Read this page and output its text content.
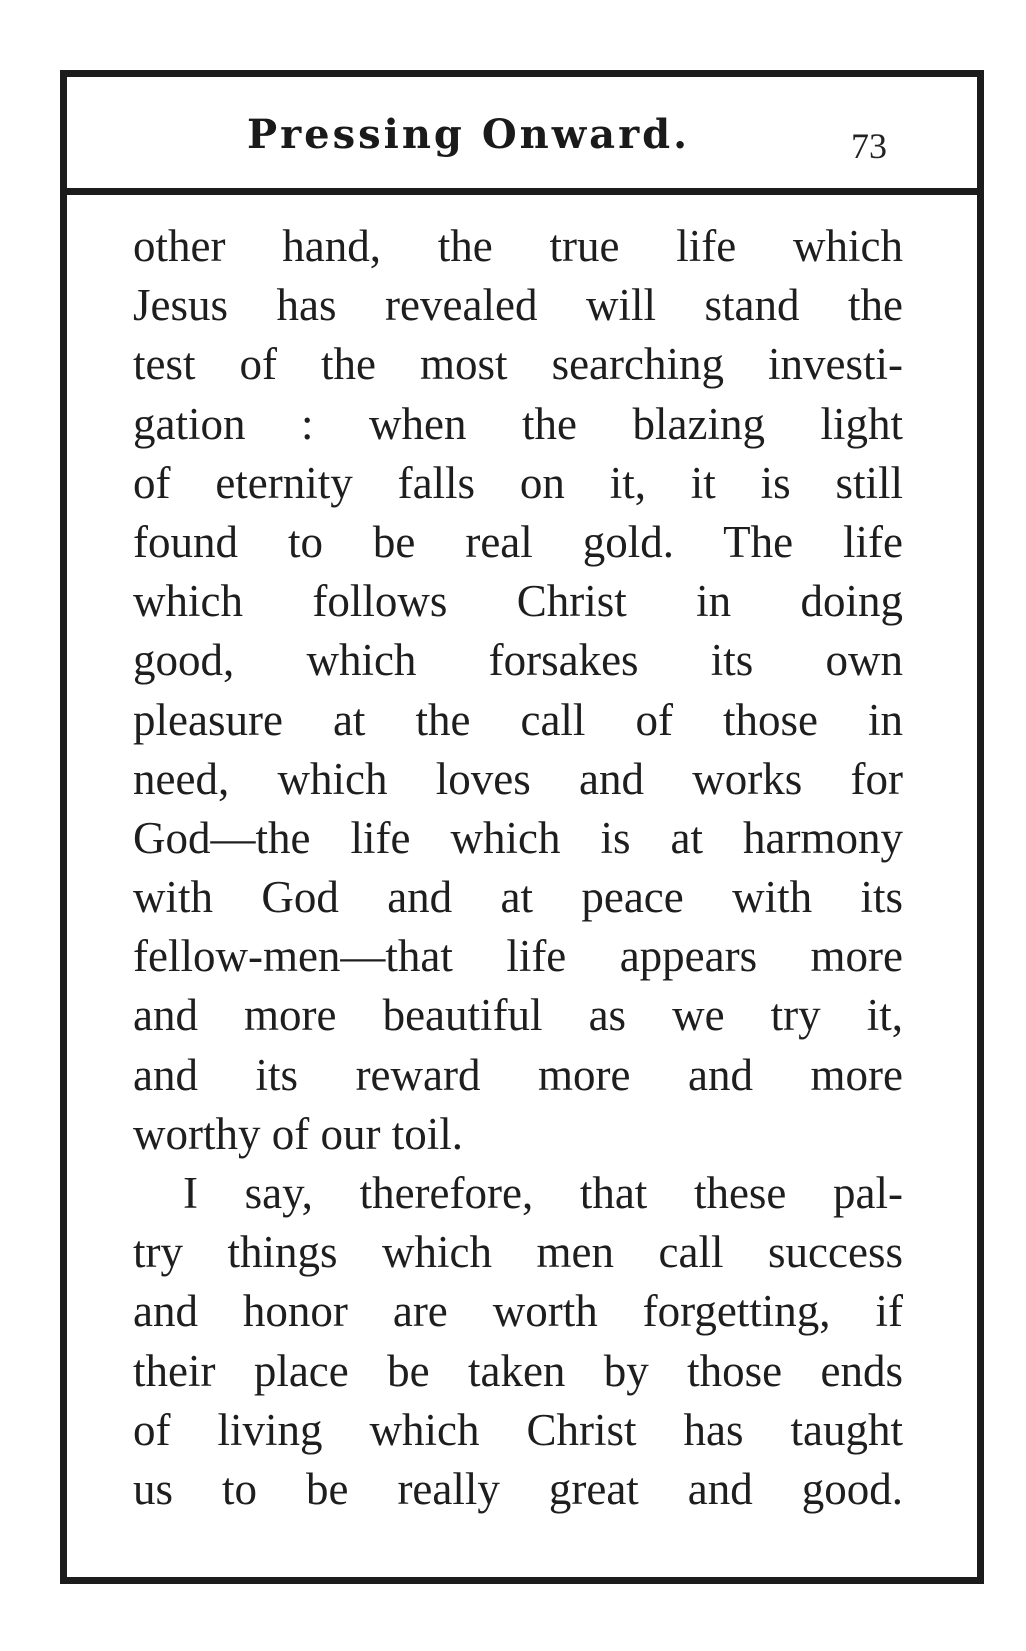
Pressing Onward.	73
other hand, the true life which
Jesus has revealed will stand the
test of the most searching investi-
gation : when the blazing light
of eternity falls on it, it is still
found to be real gold. The life
which follows Christ in doing
good, which forsakes its own
pleasure at the call of those in
need, which loves and works for
God—the life which is at harmony
with God and at peace with its
fellow-men—that life appears more
and more beautiful as we try it,
and its reward more and more
worthy of our toil.
I say, therefore, that these pal-
try things which men call success
and honor are worth forgetting, if
their place be taken by those ends
of living which Christ has taught
us to be really great and good.
